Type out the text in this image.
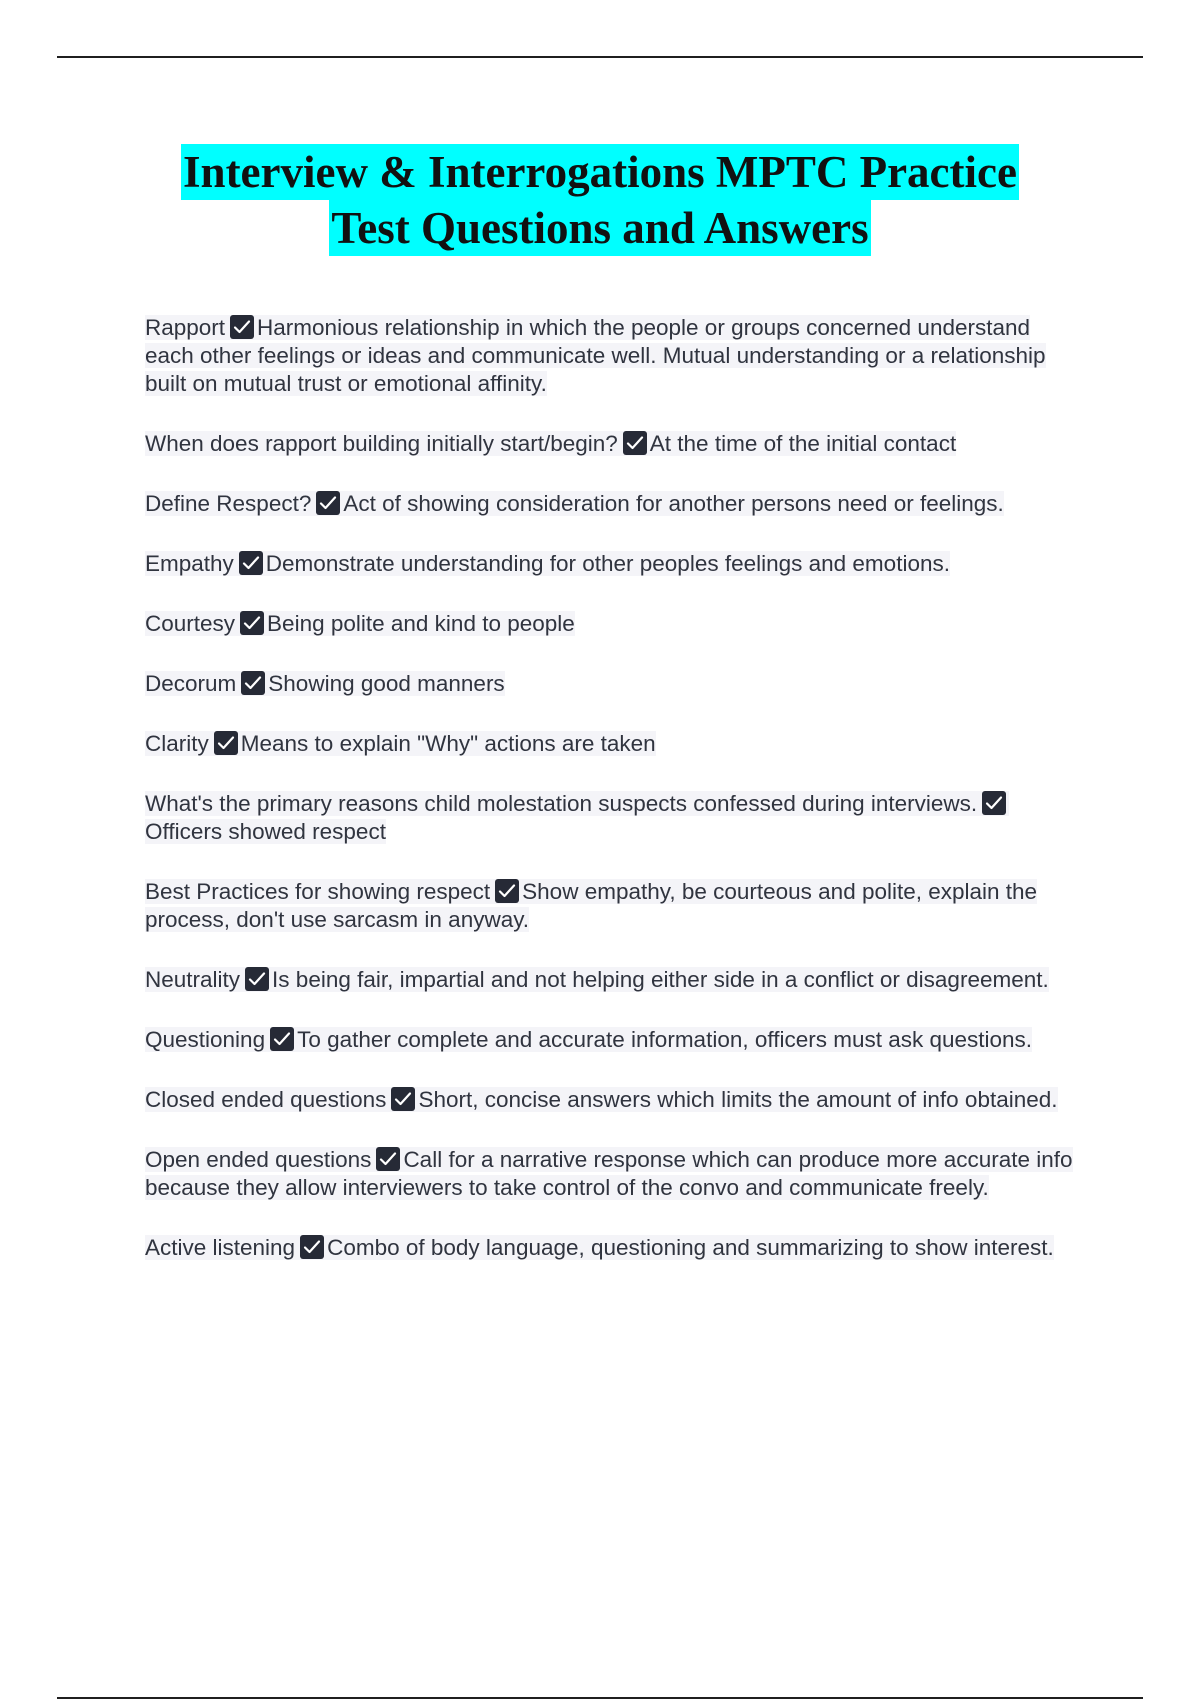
Interview & Interrogations MPTC Practice
Test Questions and Answers

Rapport Harmonious relationship in which the people or groups concerned understand each other feelings or ideas and communicate well. Mutual understanding or a relationship built on mutual trust or emotional affinity.

When does rapport building initially start/begin? At the time of the initial contact

Define Respect? Act of showing consideration for another persons need or feelings.

Empathy Demonstrate understanding for other peoples feelings and emotions.

Courtesy Being polite and kind to people

Decorum Showing good manners

Clarity Means to explain "Why" actions are taken

What's the primary reasons child molestation suspects confessed during interviews.
Officers showed respect

Best Practices for showing respect Show empathy, be courteous and polite, explain the process, don't use sarcasm in anyway.

Neutrality Is being fair, impartial and not helping either side in a conflict or disagreement.

Questioning To gather complete and accurate information, officers must ask questions.

Closed ended questions Short, concise answers which limits the amount of info obtained.

Open ended questions Call for a narrative response which can produce more accurate info because they allow interviewers to take control of the convo and communicate freely.

Active listening Combo of body language, questioning and summarizing to show interest.
